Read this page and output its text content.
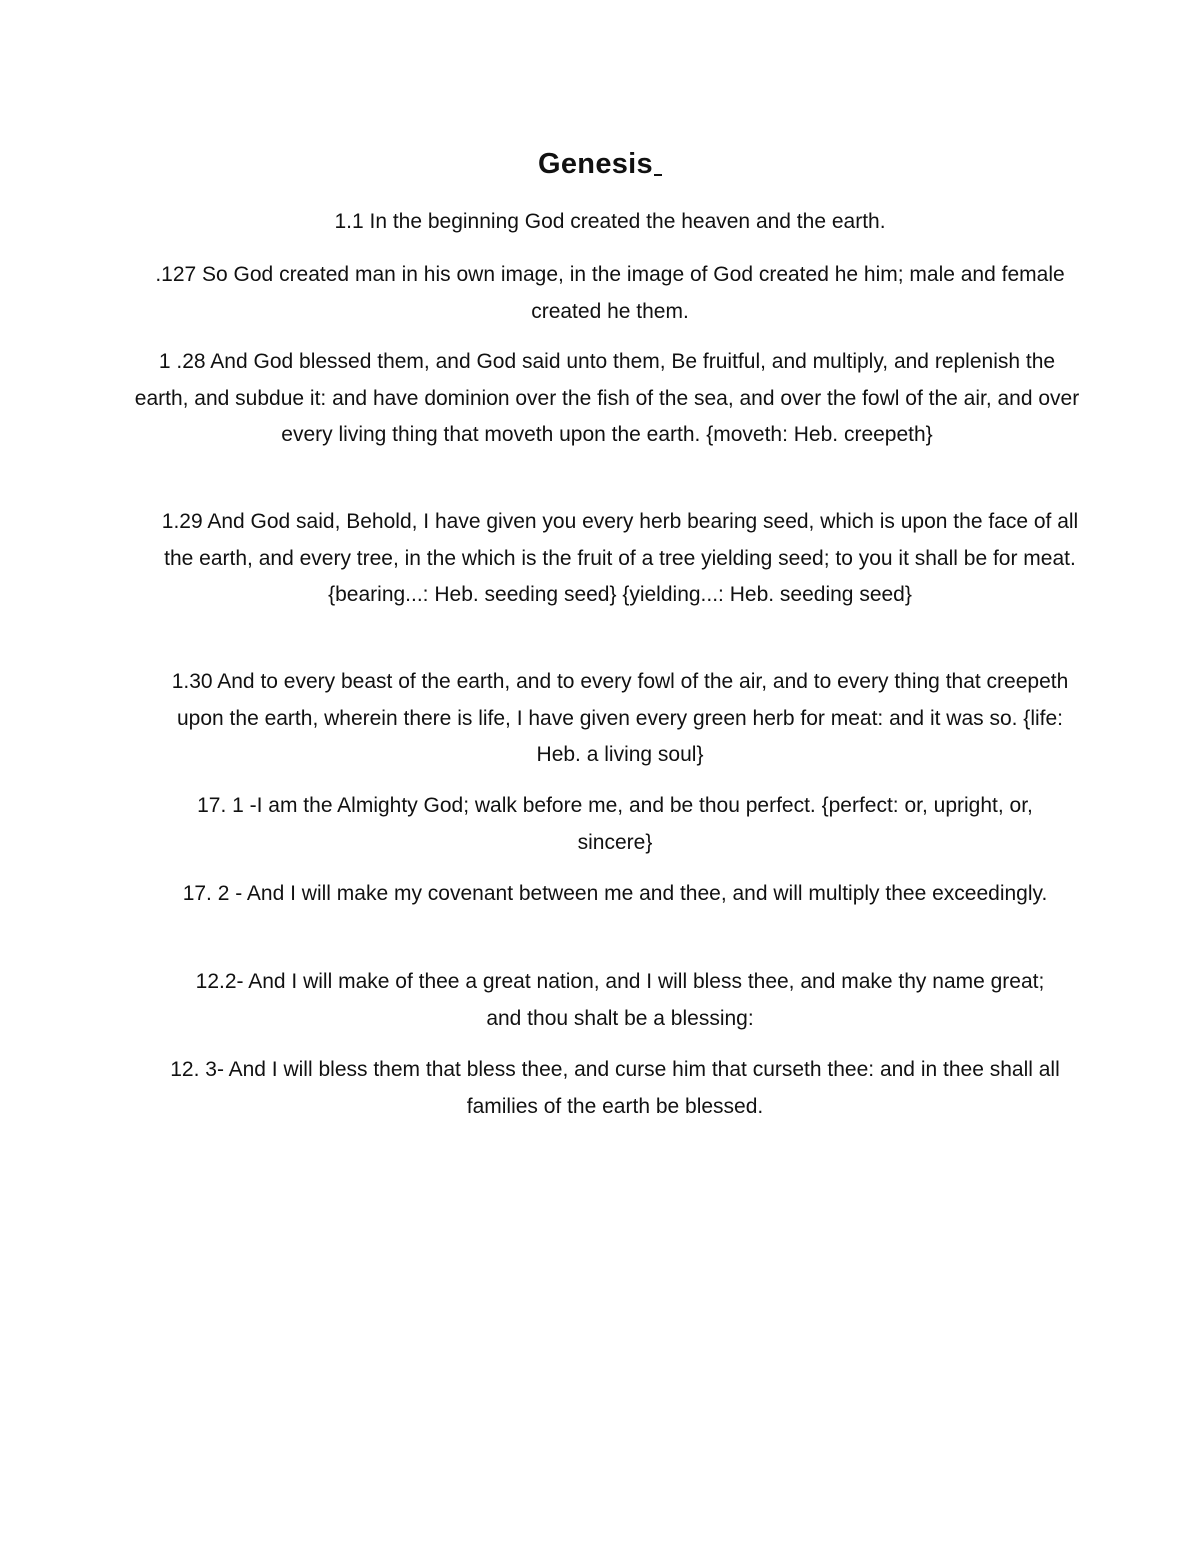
Genesis

1.1 In the beginning God created the heaven and the earth.

.127 So God created man in his own image, in the image of God created he him; male and female created he them.

1 .28 And God blessed them, and God said unto them, Be fruitful, and multiply, and replenish the earth, and subdue it: and have dominion over the fish of the sea, and over the fowl of the air, and over every living thing that moveth upon the earth. {moveth: Heb. creepeth}

1.29 And God said, Behold, I have given you every herb bearing seed, which is upon the face of all the earth, and every tree, in the which is the fruit of a tree yielding seed; to you it shall be for meat. {bearing...: Heb. seeding seed} {yielding...: Heb. seeding seed}

1.30 And to every beast of the earth, and to every fowl of the air, and to every thing that creepeth upon the earth, wherein there is life, I have given every green herb for meat: and it was so. {life: Heb. a living soul}

17. 1 -I am the Almighty God; walk before me, and be thou perfect. {perfect: or, upright, or, sincere}

17. 2 - And I will make my covenant between me and thee, and will multiply thee exceedingly.

12.2- And I will make of thee a great nation, and I will bless thee, and make thy name great; and thou shalt be a blessing:

12. 3- And I will bless them that bless thee, and curse him that curseth thee: and in thee shall all families of the earth be blessed.
